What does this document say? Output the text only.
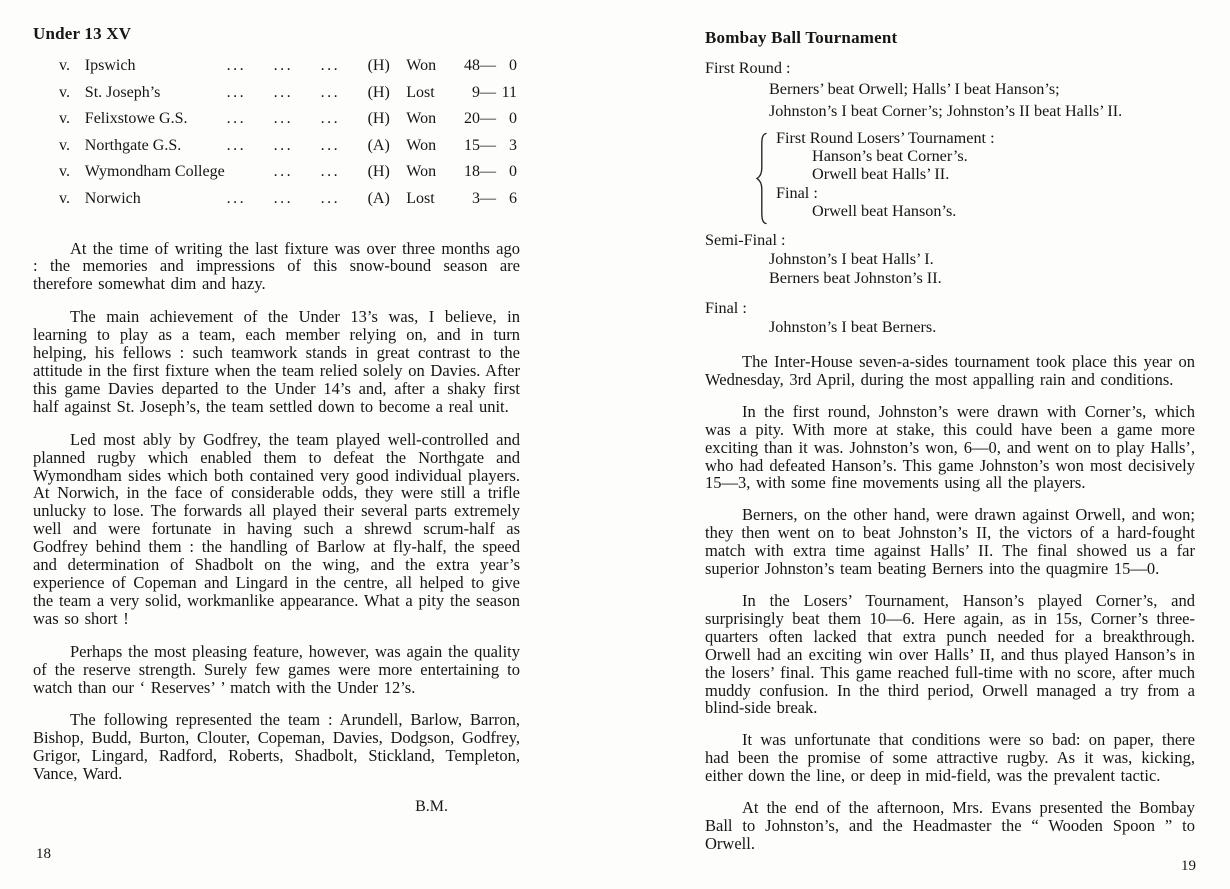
Under 13 XV
v. Ipswich	...	...	...	(H)	Won	48 — 0
v. St. Joseph’s	...	...	...	(H)	Lost	9 — 11
v. Felixstowe G.S.	...	...	...	(H)	Won	20 — 0
v. Northgate G.S.	...	...	...	(A)	Won	15 — 3
v. Wymondham College	...	...	(H)	Won	18 — 0
v. Norwich	...	...	...	(A)	Lost	3 — 6

At the time of writing the last fixture was over three months ago : the memories and impressions of this snow-bound season are therefore somewhat dim and hazy.

The main achievement of the Under 13’s was, I believe, in learning to play as a team, each member relying on, and in turn helping, his fellows : such teamwork stands in great contrast to the attitude in the first fixture when the team relied solely on Davies. After this game Davies departed to the Under 14’s and, after a shaky first half against St. Joseph’s, the team settled down to become a real unit.

Led most ably by Godfrey, the team played well-controlled and planned rugby which enabled them to defeat the Northgate and Wymondham sides which both contained very good individual players. At Norwich, in the face of considerable odds, they were still a trifle unlucky to lose. The forwards all played their several parts extremely well and were fortunate in having such a shrewd scrum-half as Godfrey behind them : the handling of Barlow at fly-half, the speed and determination of Shadbolt on the wing, and the extra year’s experience of Copeman and Lingard in the centre, all helped to give the team a very solid, workmanlike appearance. What a pity the season was so short !

Perhaps the most pleasing feature, however, was again the quality of the reserve strength. Surely few games were more entertaining to watch than our ‘ Reserves’ ’ match with the Under 12’s.

The following represented the team : Arundell, Barlow, Barron, Bishop, Budd, Burton, Clouter, Copeman, Davies, Dodgson, Godfrey, Grigor, Lingard, Radford, Roberts, Shadbolt, Stickland, Templeton, Vance, Ward.

B.M.
Bombay Ball Tournament
First Round :
Berners’ beat Orwell; Halls’ I beat Hanson’s;
Johnston’s I beat Corner’s; Johnston’s II beat Halls’ II.
First Round Losers’ Tournament :
Hanson’s beat Corner’s.
Orwell beat Halls’ II.
Final :
Orwell beat Hanson’s.
Semi-Final :
Johnston’s I beat Halls’ I.
Berners beat Johnston’s II.
Final :
Johnston’s I beat Berners.

The Inter-House seven-a-sides tournament took place this year on Wednesday, 3rd April, during the most appalling rain and conditions.

In the first round, Johnston’s were drawn with Corner’s, which was a pity. With more at stake, this could have been a game more exciting than it was. Johnston’s won, 6—0, and went on to play Halls’, who had defeated Hanson’s. This game Johnston’s won most decisively 15—3, with some fine movements using all the players.

Berners, on the other hand, were drawn against Orwell, and won; they then went on to beat Johnston’s II, the victors of a hard-fought match with extra time against Halls’ II. The final showed us a far superior Johnston’s team beating Berners into the quagmire 15—0.

In the Losers’ Tournament, Hanson’s played Corner’s, and surprisingly beat them 10—6. Here again, as in 15s, Corner’s three-quarters often lacked that extra punch needed for a breakthrough. Orwell had an exciting win over Halls’ II, and thus played Hanson’s in the losers’ final. This game reached full-time with no score, after much muddy confusion. In the third period, Orwell managed a try from a blind-side break.

It was unfortunate that conditions were so bad: on paper, there had been the promise of some attractive rugby. As it was, kicking, either down the line, or deep in mid-field, was the prevalent tactic.

At the end of the afternoon, Mrs. Evans presented the Bombay Ball to Johnston’s, and the Headmaster the “ Wooden Spoon ” to Orwell.

18
19
